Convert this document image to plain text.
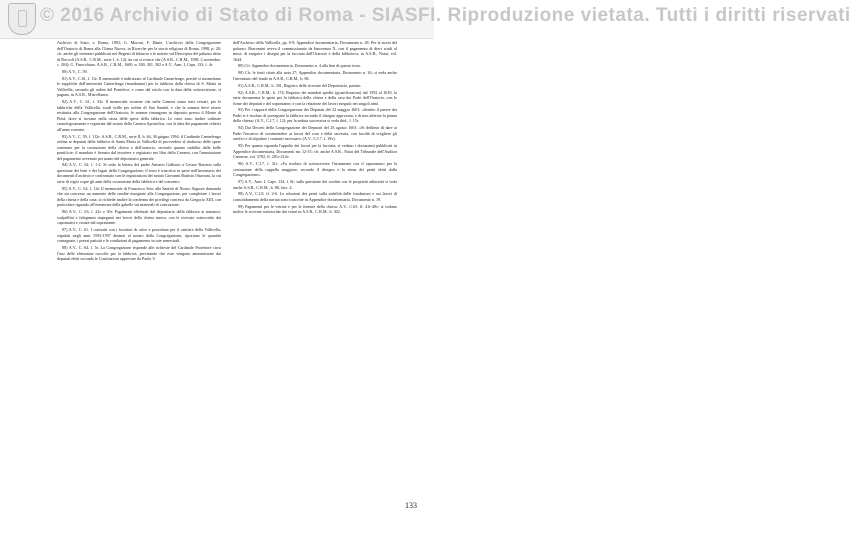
© 2016 Archivio di Stato di Roma - SIASFI. Riproduzione vietata. Tutti i diritti riservati

Archivio di Stato, v. Roma, 1892; G. Moroni, F. Dante, L'archivio della Congregazione dell'Oratorio di Roma alla Chiesa Nuova, in Ricerche per la storia religiosa di Roma, 1998, p. 20; cfr. anche gli inventari pubblicati nei Regesti di bilancio e le notizie sul Descriptor del palazzo detto di Roccoli (A.S.R., C.R.M., serie 1, b. 14), da cui si evince che (A.S.R., C.R.M., 1588, 2 novembre, c. 204); G. Finocchiaro, A.S.R., C.R.M., 1600, n. 300, 301, 302 e A.V., Arm. I, Caps. 133, f. 4r.

80) A.V., C. 59.

81) A.V., C.61, f. 13r. Il memoriale è indirizzato al Cardinale Camerlengo, perché si trasmettano le suppliche dell'università Camerlengo (mandatario) per la fabbrica della chiesa di S. Maria in Vallicella; secondo gli ordini del Pontefice, e come dal rotolo con la data della sottoscrizione, si pagano, in A.S.R., Miscellanea.

82) A.V., C. 61, f. 33r. Il memoriale sostiene che nella Camera siano stati versati, per le fabbriche della Vallicella, scudi mille per ordine di Sua Santità, e che la somma deve essere restituita alla Congregazione dell'Oratorio; le somme rimangono in deposito presso il Monte di Pietà, dove si trovano nella cassa delle spese della fabbrica. Le carte sono inoltre ordinate cronologicamente e registrate dal notaio della Camera Apostolica, con la data dei pagamenti relativi all'anno corrente.

83) A.V., C. 59, f. 112r; A.S.R., C.R.M., serie II, b. 64, 30 giugno 1594: il Cardinale Camerlengo ordina ai deputati della fabbrica di Santa Maria in Vallicella di provvedere al rimborso delle spese sostenute per la costruzione della chiesa e dell'oratorio, secondo quanto stabilito dalle bolle pontificie; il mandato è firmato dal tesoriere e registrato nei libri della Camera, con l'annotazione del pagamento avvenuto per mano del depositario generale.

84) A.V., C. 62, f. 1-2. Si veda la lettera del padre Antonio Gallonio a Cesare Baronio sulla questione dei beni e dei legati della Congregazione; il testo è trascritto in parte nell'inventario dei documenti d'archivio e confrontato con le registrazioni del notaio Giovanni Battista Ottaviani, la cui serie di rogiti copre gli anni della costruzione della fabbrica e del convento.

85) A.V., C. 62, f. 14r. Il memoriale di Francesco Soto alla Santità di Nostro Signore domanda che sia concesso un aumento delle rendite assegnate alla Congregazione, per completare i lavori della chiesa e della casa; si richiede inoltre la conferma dei privilegi concessi da Gregorio XIII, con particolare riguardo all'esenzione delle gabelle sui materiali di costruzione.

86) A.V., C. 63, f. 22v e 30r: Pagamenti effettuati dal depositario della fabbrica ai muratori, scalpellini e falegnami impegnati nei lavori della chiesa nuova, con le ricevute sottoscritte dai capomastri e vistate dal soprastante.

87) A.V., C. 61. I contratti con i fornitori di calce e pozzolana per il cantiere della Vallicella, stipulati negli anni 1593-1597 dinanzi al notaio della Congregazione, riportano le quantità consegnate, i prezzi pattuiti e le condizioni di pagamento in rate semestrali.

88) A.V., C. 64, f. 5r. La Congregazione risponde alle richieste del Cardinale Protettore circa l'uso delle elemosine raccolte per la fabbrica, precisando che esse vengono amministrate dai deputati eletti secondo le Costituzioni approvate da Paolo V.

dell'Archivio della Vallicella, pp. 6-9; Appendice documentaria, Documento n. 28. Per la storia del palazzo: Borromini aveva il commissionato da Innocenzo X, con il pagamento di dieci scudi al mese, di eseguire i disegni per la facciata dell'Oratorio e della biblioteca; in A.S.R., Notai, vol. 1644.

89) Cfr. Appendice documentaria, Documento n. 4 alla fine di questo testo.

90) Cfr. le fonti citate alla nota 27; Appendice documentaria, Documento n. 26; si veda anche l'inventario del fondo in A.S.R., C.R.M., b. 86.

91) A.S.R., C.R.M., b. 301, Registro delle ricevute del Depositario, passim.

92) A.S.R., C.R.M., b. 176, Registro dei mandati spediti (giustificazioni) dal 1592 al 1610; la serie documenta le spese per la fabbrica della chiesa e della casa dei Padri dell'Oratorio, con le firme dei deputati e del soprastante, e con la relazione dei lavori eseguiti nei singoli anni.

93) Per i rapporti della Congregazione dei Deputati del 23 maggio 1601: «Sentito il parere dei Padri si è risoluto di proseguire la fabbrica secondo il disegno approvato, e di non alterare la pianta della chiesa» (A.V., C.I.7, f. 12); per la seduta successiva si veda ibid., f. 15r.

94) Dai Decreti della Congregazione dei Deputati del 26 agosto 1601: «Si delibera di dare ai Padri l'incarico di sovrintendere ai lavori del coro e della sacrestia, con facoltà di scegliere gli artefici e di stipulare i contratti necessari» (A.V., C.I.7, f. 19v).

95) Per quanto riguarda l'appalto dei lavori per la facciata, si vedano i documenti pubblicati in Appendice documentaria, Documenti nn. 12-15; cfr. anche A.S.R., Notai del Tribunale dell'Auditor Camerae, vol. 3782, ff. 201r-214v.

96) A.V., C.I.7, f. 31r: «Fu risoluto di sottoscrivere l'istrumento con il capomastro per la costruzione della cappella maggiore, secondo il disegno e la stima dei periti eletti dalla Congregazione».

97) A.V., Arm. I, Caps. 134, f. 8r; sulla questione dei confini con le proprietà adiacenti si veda anche A.S.R., C.R.M., b. 88, fasc. 4.

98) A.V., C.I.8, ff. 2-6. Le relazioni dei periti sulla stabilità delle fondazioni e sui lavori di consolidamento della navata sono trascritte in Appendice documentaria, Documento n. 19.

99) Pagamenti per le vetrate e per le finestre della chiesa: A.V., C.63, ff. 41r-48v; si vedano inoltre le ricevute sottoscritte dai vetrai in A.S.R., C.R.M., b. 302.

133
